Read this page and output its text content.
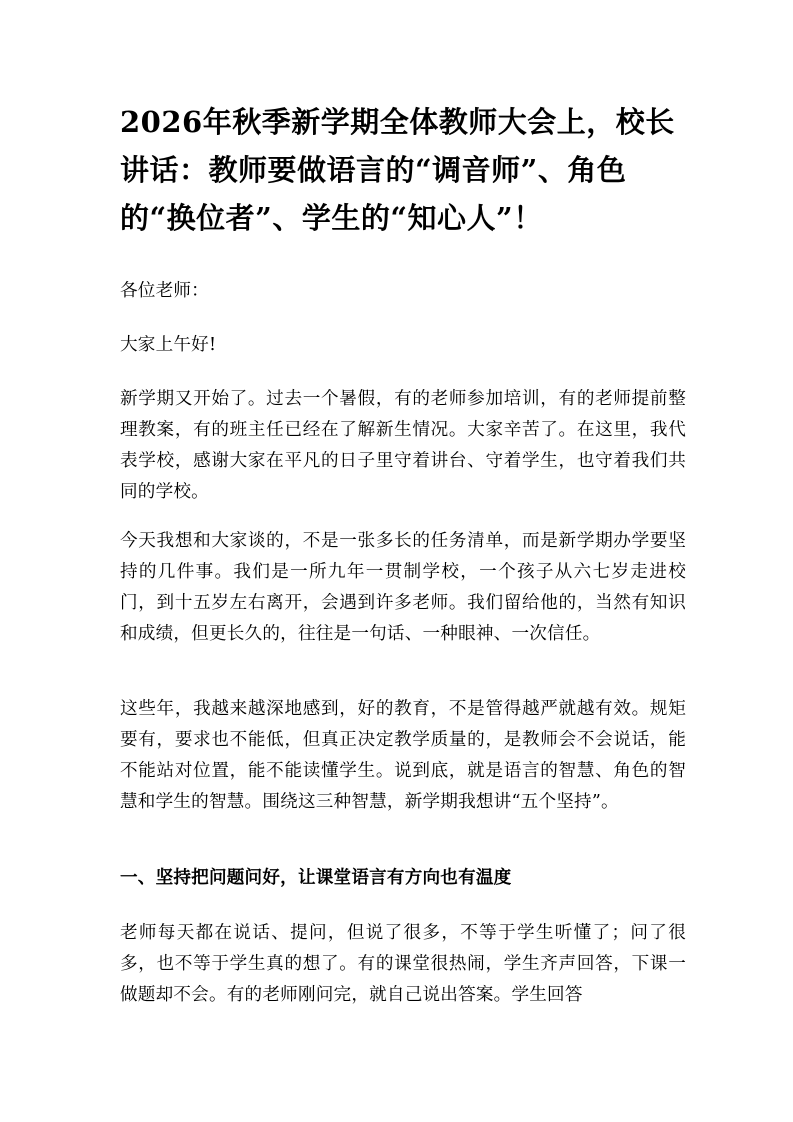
2026年秋季新学期全体教师大会上，校长讲话：教师要做语言的“调音师”、角色的“换位者”、学生的“知心人”！

各位老师：

大家上午好!

新学期又开始了。过去一个暑假，有的老师参加培训，有的老师提前整理教案，有的班主任已经在了解新生情况。大家辛苦了。在这里，我代表学校，感谢大家在平凡的日子里守着讲台、守着学生，也守着我们共同的学校。

今天我想和大家谈的，不是一张多长的任务清单，而是新学期办学要坚持的几件事。我们是一所九年一贯制学校，一个孩子从六七岁走进校门，到十五岁左右离开，会遇到许多老师。我们留给他的，当然有知识和成绩，但更长久的，往往是一句话、一种眼神、一次信任。

这些年，我越来越深地感到，好的教育，不是管得越严就越有效。规矩要有，要求也不能低，但真正决定教学质量的，是教师会不会说话，能不能站对位置，能不能读懂学生。说到底，就是语言的智慧、角色的智慧和学生的智慧。围绕这三种智慧，新学期我想讲“五个坚持”。

一、坚持把问题问好，让课堂语言有方向也有温度

老师每天都在说话、提问，但说了很多，不等于学生听懂了；问了很多，也不等于学生真的想了。有的课堂很热闹，学生齐声回答，下课一做题却不会。有的老师刚问完，就自己说出答案。学生回答
